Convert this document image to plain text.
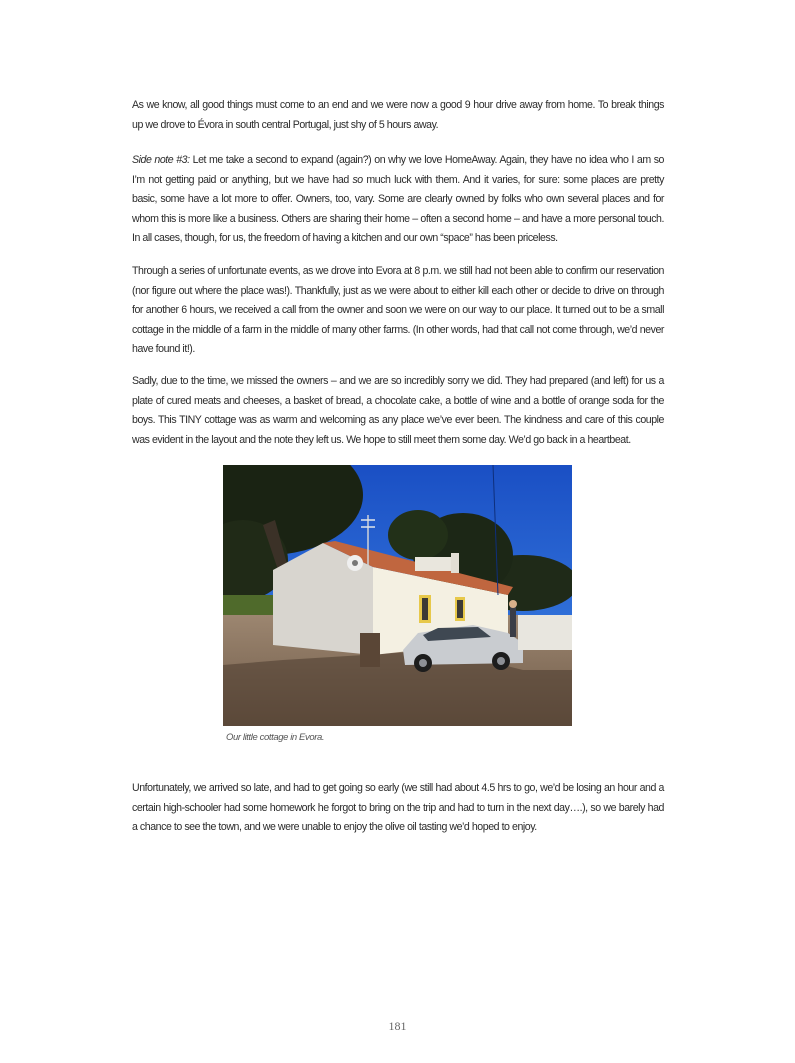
As we know, all good things must come to an end and we were now a good 9 hour drive away from home. To break things up we drove to Évora in south central Portugal, just shy of 5 hours away.

Side note #3: Let me take a second to expand (again?) on why we love HomeAway. Again, they have no idea who I am so I’m not getting paid or anything, but we have had so much luck with them. And it varies, for sure: some places are pretty basic, some have a lot more to offer. Owners, too, vary. Some are clearly owned by folks who own several places and for whom this is more like a business. Others are sharing their home – often a second home – and have a more personal touch. In all cases, though, for us, the freedom of having a kitchen and our own “space” has been priceless.

Through a series of unfortunate events, as we drove into Evora at 8 p.m. we still had not been able to confirm our reservation (nor figure out where the place was!). Thankfully, just as we were about to either kill each other or decide to drive on through for another 6 hours, we received a call from the owner and soon we were on our way to our place. It turned out to be a small cottage in the middle of a farm in the middle of many other farms. (In other words, had that call not come through, we’d never have found it!).

Sadly, due to the time, we missed the owners – and we are so incredibly sorry we did. They had prepared (and left) for us a plate of cured meats and cheeses, a basket of bread, a chocolate cake, a bottle of wine and a bottle of orange soda for the boys. This TINY cottage was as warm and welcoming as any place we’ve ever been. The kindness and care of this couple was evident in the layout and the note they left us. We hope to still meet them some day. We’d go back in a heartbeat.

Our little cottage in Evora.

Unfortunately, we arrived so late, and had to get going so early (we still had about 4.5 hrs to go, we’d be losing an hour and a certain high-schooler had some homework he forgot to bring on the trip and had to turn in the next day….), so we barely had a chance to see the town, and we were unable to enjoy the olive oil tasting we’d hoped to enjoy.

181
